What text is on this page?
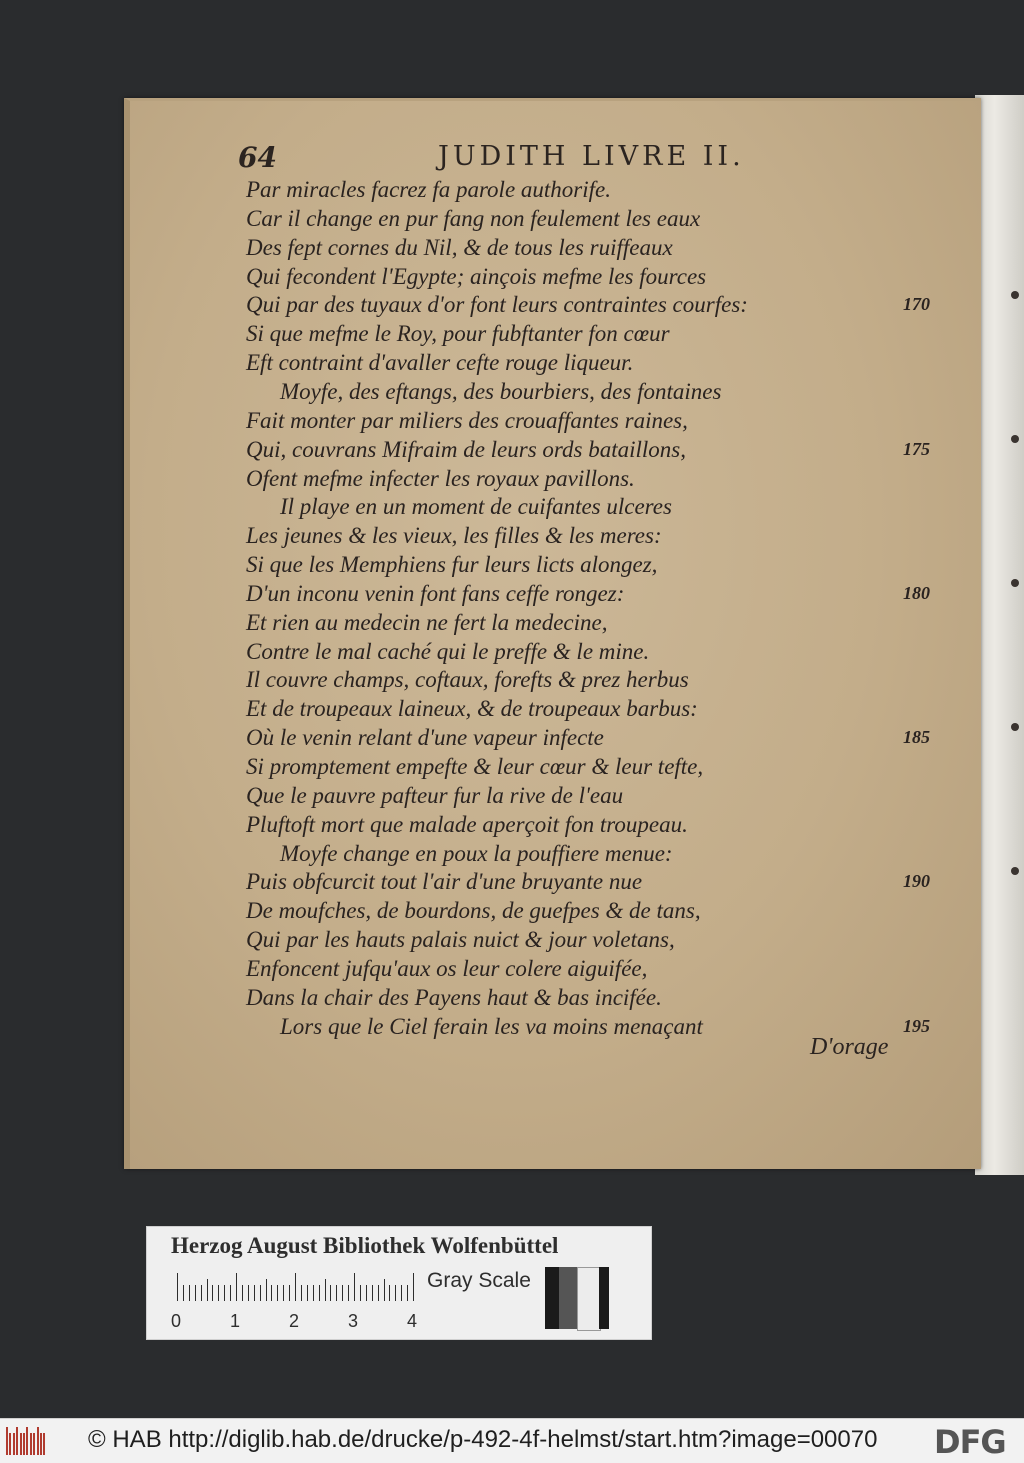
64	JUDITH LIVRE II.
Par miracles facrez fa parole authorife.
Car il change en pur fang non feulement les eaux
Des fept cornes du Nil, & de tous les ruiffeaux
Qui fecondent l'Egypte; ainçois mefme les fources
Qui par des tuyaux d'or font leurs contraintes courfes:	170
Si que mefme le Roy, pour fubftanter fon cœur
Eft contraint d'avaller cefte rouge liqueur.
Moyfe, des eftangs, des bourbiers, des fontaines
Fait monter par miliers des crouaffantes raines,
Qui, couvrans Mifraim de leurs ords bataillons,	175
Ofent mefme infecter les royaux pavillons.
Il playe en un moment de cuifantes ulceres
Les jeunes & les vieux, les filles & les meres:
Si que les Memphiens fur leurs licts alongez,
D'un inconu venin font fans ceffe rongez:	180
Et rien au medecin ne fert la medecine,
Contre le mal caché qui le preffe & le mine.
Il couvre champs, coftaux, forefts & prez herbus
Et de troupeaux laineux, & de troupeaux barbus:
Où le venin relant d'une vapeur infecte	185
Si promptement empefte & leur cœur & leur tefte,
Que le pauvre pafteur fur la rive de l'eau
Pluftoft mort que malade aperçoit fon troupeau.
Moyfe change en poux la pouffiere menue:
Puis obfcurcit tout l'air d'une bruyante nue	190
De moufches, de bourdons, de guefpes & de tans,
Qui par les hauts palais nuict & jour voletans,
Enfoncent jufqu'aux os leur colere aiguifée,
Dans la chair des Payens haut & bas incifée.
Lors que le Ciel ferain les va moins menaçant	195
D'orage
Herzog August Bibliothek Wolfenbüttel
Gray Scale
0	1	2	3	4
© HAB http://diglib.hab.de/drucke/p-492-4f-helmst/start.htm?image=00070 DFG
